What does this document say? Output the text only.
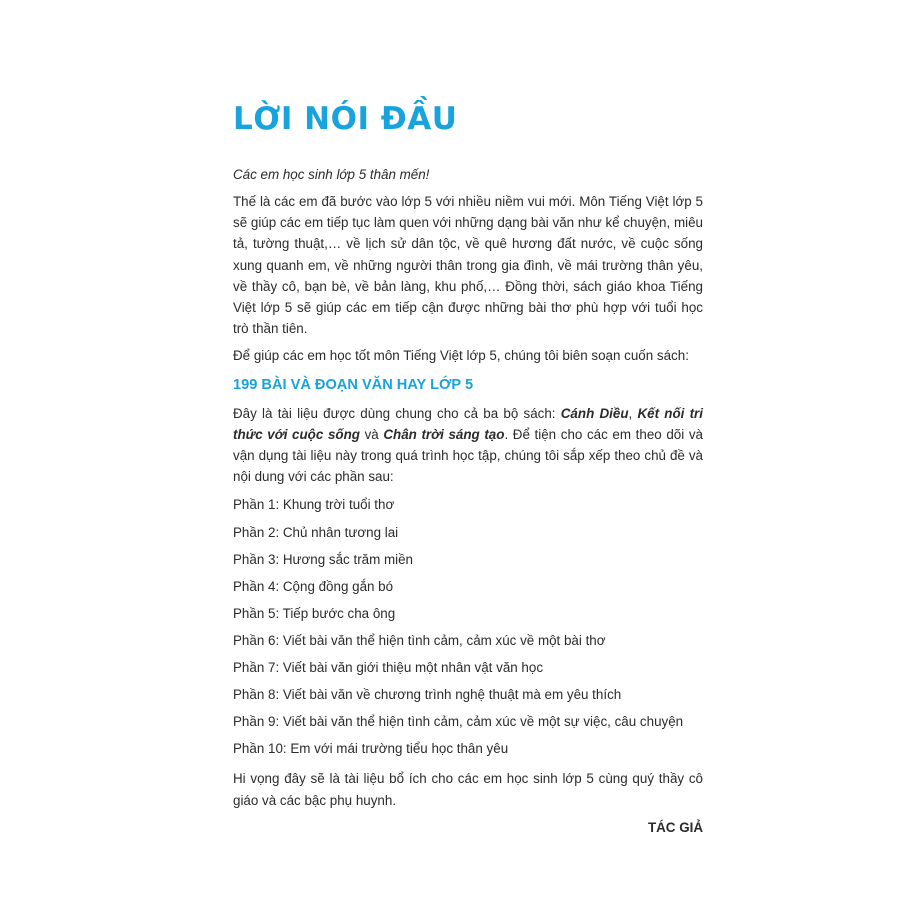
LỜI NÓI ĐẦU

Các em học sinh lớp 5 thân mến!

Thế là các em đã bước vào lớp 5 với nhiều niềm vui mới. Môn Tiếng Việt lớp 5 sẽ giúp các em tiếp tục làm quen với những dạng bài văn như kể chuyện, miêu tả, tường thuật,… về lịch sử dân tộc, về quê hương đất nước, về cuộc sống xung quanh em, về những người thân trong gia đình, về mái trường thân yêu, về thầy cô, bạn bè, về bản làng, khu phố,… Đồng thời, sách giáo khoa Tiếng Việt lớp 5 sẽ giúp các em tiếp cận được những bài thơ phù hợp với tuổi học trò thần tiên.

Để giúp các em học tốt môn Tiếng Việt lớp 5, chúng tôi biên soạn cuốn sách:

199 BÀI VÀ ĐOẠN VĂN HAY LỚP 5

Đây là tài liệu được dùng chung cho cả ba bộ sách: Cánh Diều, Kết nối tri thức với cuộc sống và Chân trời sáng tạo. Để tiện cho các em theo dõi và vận dụng tài liệu này trong quá trình học tập, chúng tôi sắp xếp theo chủ đề và nội dung với các phần sau:

Phần 1: Khung trời tuổi thơ
Phần 2: Chủ nhân tương lai
Phần 3: Hương sắc trăm miền
Phần 4: Cộng đồng gắn bó
Phần 5: Tiếp bước cha ông
Phần 6: Viết bài văn thể hiện tình cảm, cảm xúc về một bài thơ
Phần 7: Viết bài văn giới thiệu một nhân vật văn học
Phần 8: Viết bài văn về chương trình nghệ thuật mà em yêu thích
Phần 9: Viết bài văn thể hiện tình cảm, cảm xúc về một sự việc, câu chuyện
Phần 10: Em với mái trường tiểu học thân yêu

Hi vọng đây sẽ là tài liệu bổ ích cho các em học sinh lớp 5 cùng quý thầy cô giáo và các bậc phụ huynh.

TÁC GIẢ
